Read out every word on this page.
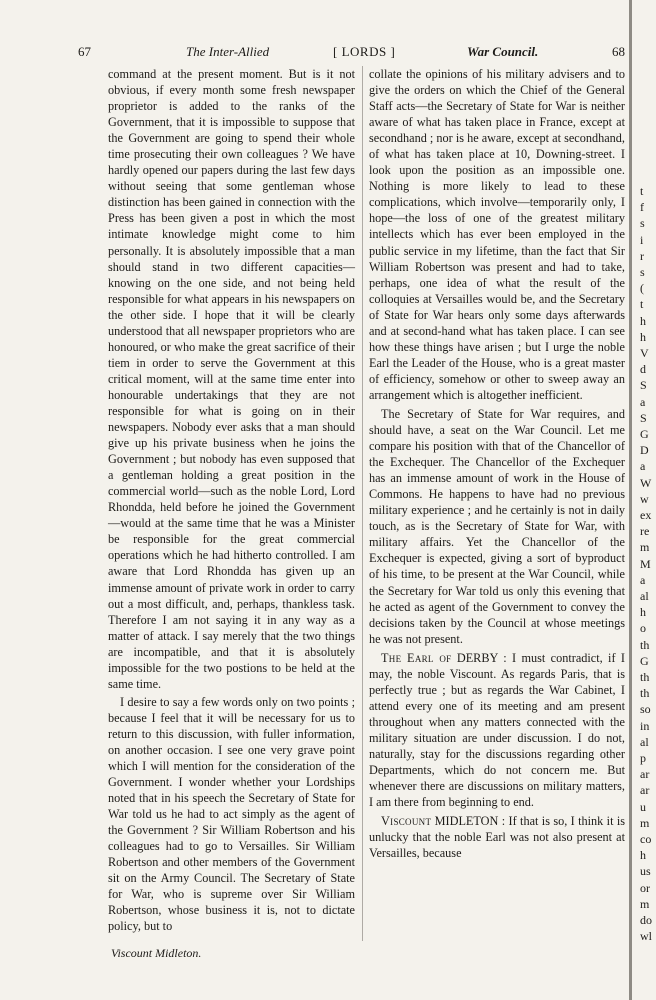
67	The Inter-Allied	[ LORDS ]	War Council.	68

command at the present moment. But is it not obvious, if every month some fresh newspaper proprietor is added to the ranks of the Government, that it is impossible to suppose that the Government are going to spend their whole time prosecuting their own colleagues ? We have hardly opened our papers during the last few days without seeing that some gentleman whose distinction has been gained in connection with the Press has been given a post in which the most intimate knowledge might come to him personally. It is absolutely impossible that a man should stand in two different capacities—knowing on the one side, and not being held responsible for what appears in his newspapers on the other side. I hope that it will be clearly understood that all newspaper proprietors who are honoured, or who make the great sacrifice of their tiem in order to serve the Government at this critical moment, will at the same time enter into honourable undertakings that they are not responsible for what is going on in their newspapers. Nobody ever asks that a man should give up his private business when he joins the Government ; but nobody has even supposed that a gentleman holding a great position in the commercial world—such as the noble Lord, Lord Rhondda, held before he joined the Government—would at the same time that he was a Minister be responsible for the great commercial operations which he had hitherto controlled. I am aware that Lord Rhondda has given up an immense amount of private work in order to carry out a most difficult, and, perhaps, thankless task. Therefore I am not saying it in any way as a matter of attack. I say merely that the two things are incompatible, and that it is absolutely impossible for the two postions to be held at the same time.

I desire to say a few words only on two points ; because I feel that it will be necessary for us to return to this discussion, with fuller information, on another occasion. I see one very grave point which I will mention for the consideration of the Government. I wonder whether your Lordships noted that in his speech the Secretary of State for War told us he had to act simply as the agent of the Government ? Sir William Robertson and his colleagues had to go to Versailles. Sir William Robertson and other members of the Government sit on the Army Council. The Secretary of State for War, who is supreme over Sir William Robertson, whose business it is, not to dictate policy, but to

collate the opinions of his military advisers and to give the orders on which the Chief of the General Staff acts—the Secretary of State for War is neither aware of what has taken place in France, except at secondhand ; nor is he aware, except at secondhand, of what has taken place at 10, Downing-street. I look upon the position as an impossible one. Nothing is more likely to lead to these complications, which involve—temporarily only, I hope—the loss of one of the greatest military intellects which has ever been employed in the public service in my lifetime, than the fact that Sir William Robertson was present and had to take, perhaps, one idea of what the result of the colloquies at Versailles would be, and the Secretary of State for War hears only some days afterwards and at second-hand what has taken place. I can see how these things have arisen ; but I urge the noble Earl the Leader of the House, who is a great master of efficiency, somehow or other to sweep away an arrangement which is altogether inefficient.

The Secretary of State for War requires, and should have, a seat on the War Council. Let me compare his position with that of the Chancellor of the Exchequer. The Chancellor of the Exchequer has an immense amount of work in the House of Commons. He happens to have had no previous military experience ; and he certainly is not in daily touch, as is the Secretary of State for War, with military affairs. Yet the Chancellor of the Exchequer is expected, giving a sort of byproduct of his time, to be present at the War Council, while the Secretary for War told us only this evening that he acted as agent of the Government to convey the decisions taken by the Council at whose meetings he was not present.

The Earl of DERBY : I must contradict, if I may, the noble Viscount. As regards Paris, that is perfectly true ; but as regards the War Cabinet, I attend every one of its meeting and am present throughout when any matters connected with the military situation are under discussion. I do not, naturally, stay for the discussions regarding other Departments, which do not concern me. But whenever there are discussions on military matters, I am there from beginning to end.

Viscount MIDLETON : If that is so, I think it is unlucky that the noble Earl was not also present at Versailles, because

Viscount Midleton.
t
f
s
i
r
s
(
t
h
h
V
d
S
a
S
G
D
a
W
w
ex
re
m
M
a
al
h
o
th
G
th
th
so
in
al
p
ar
ar
u
m
co
h
us
or
m
do
wl
